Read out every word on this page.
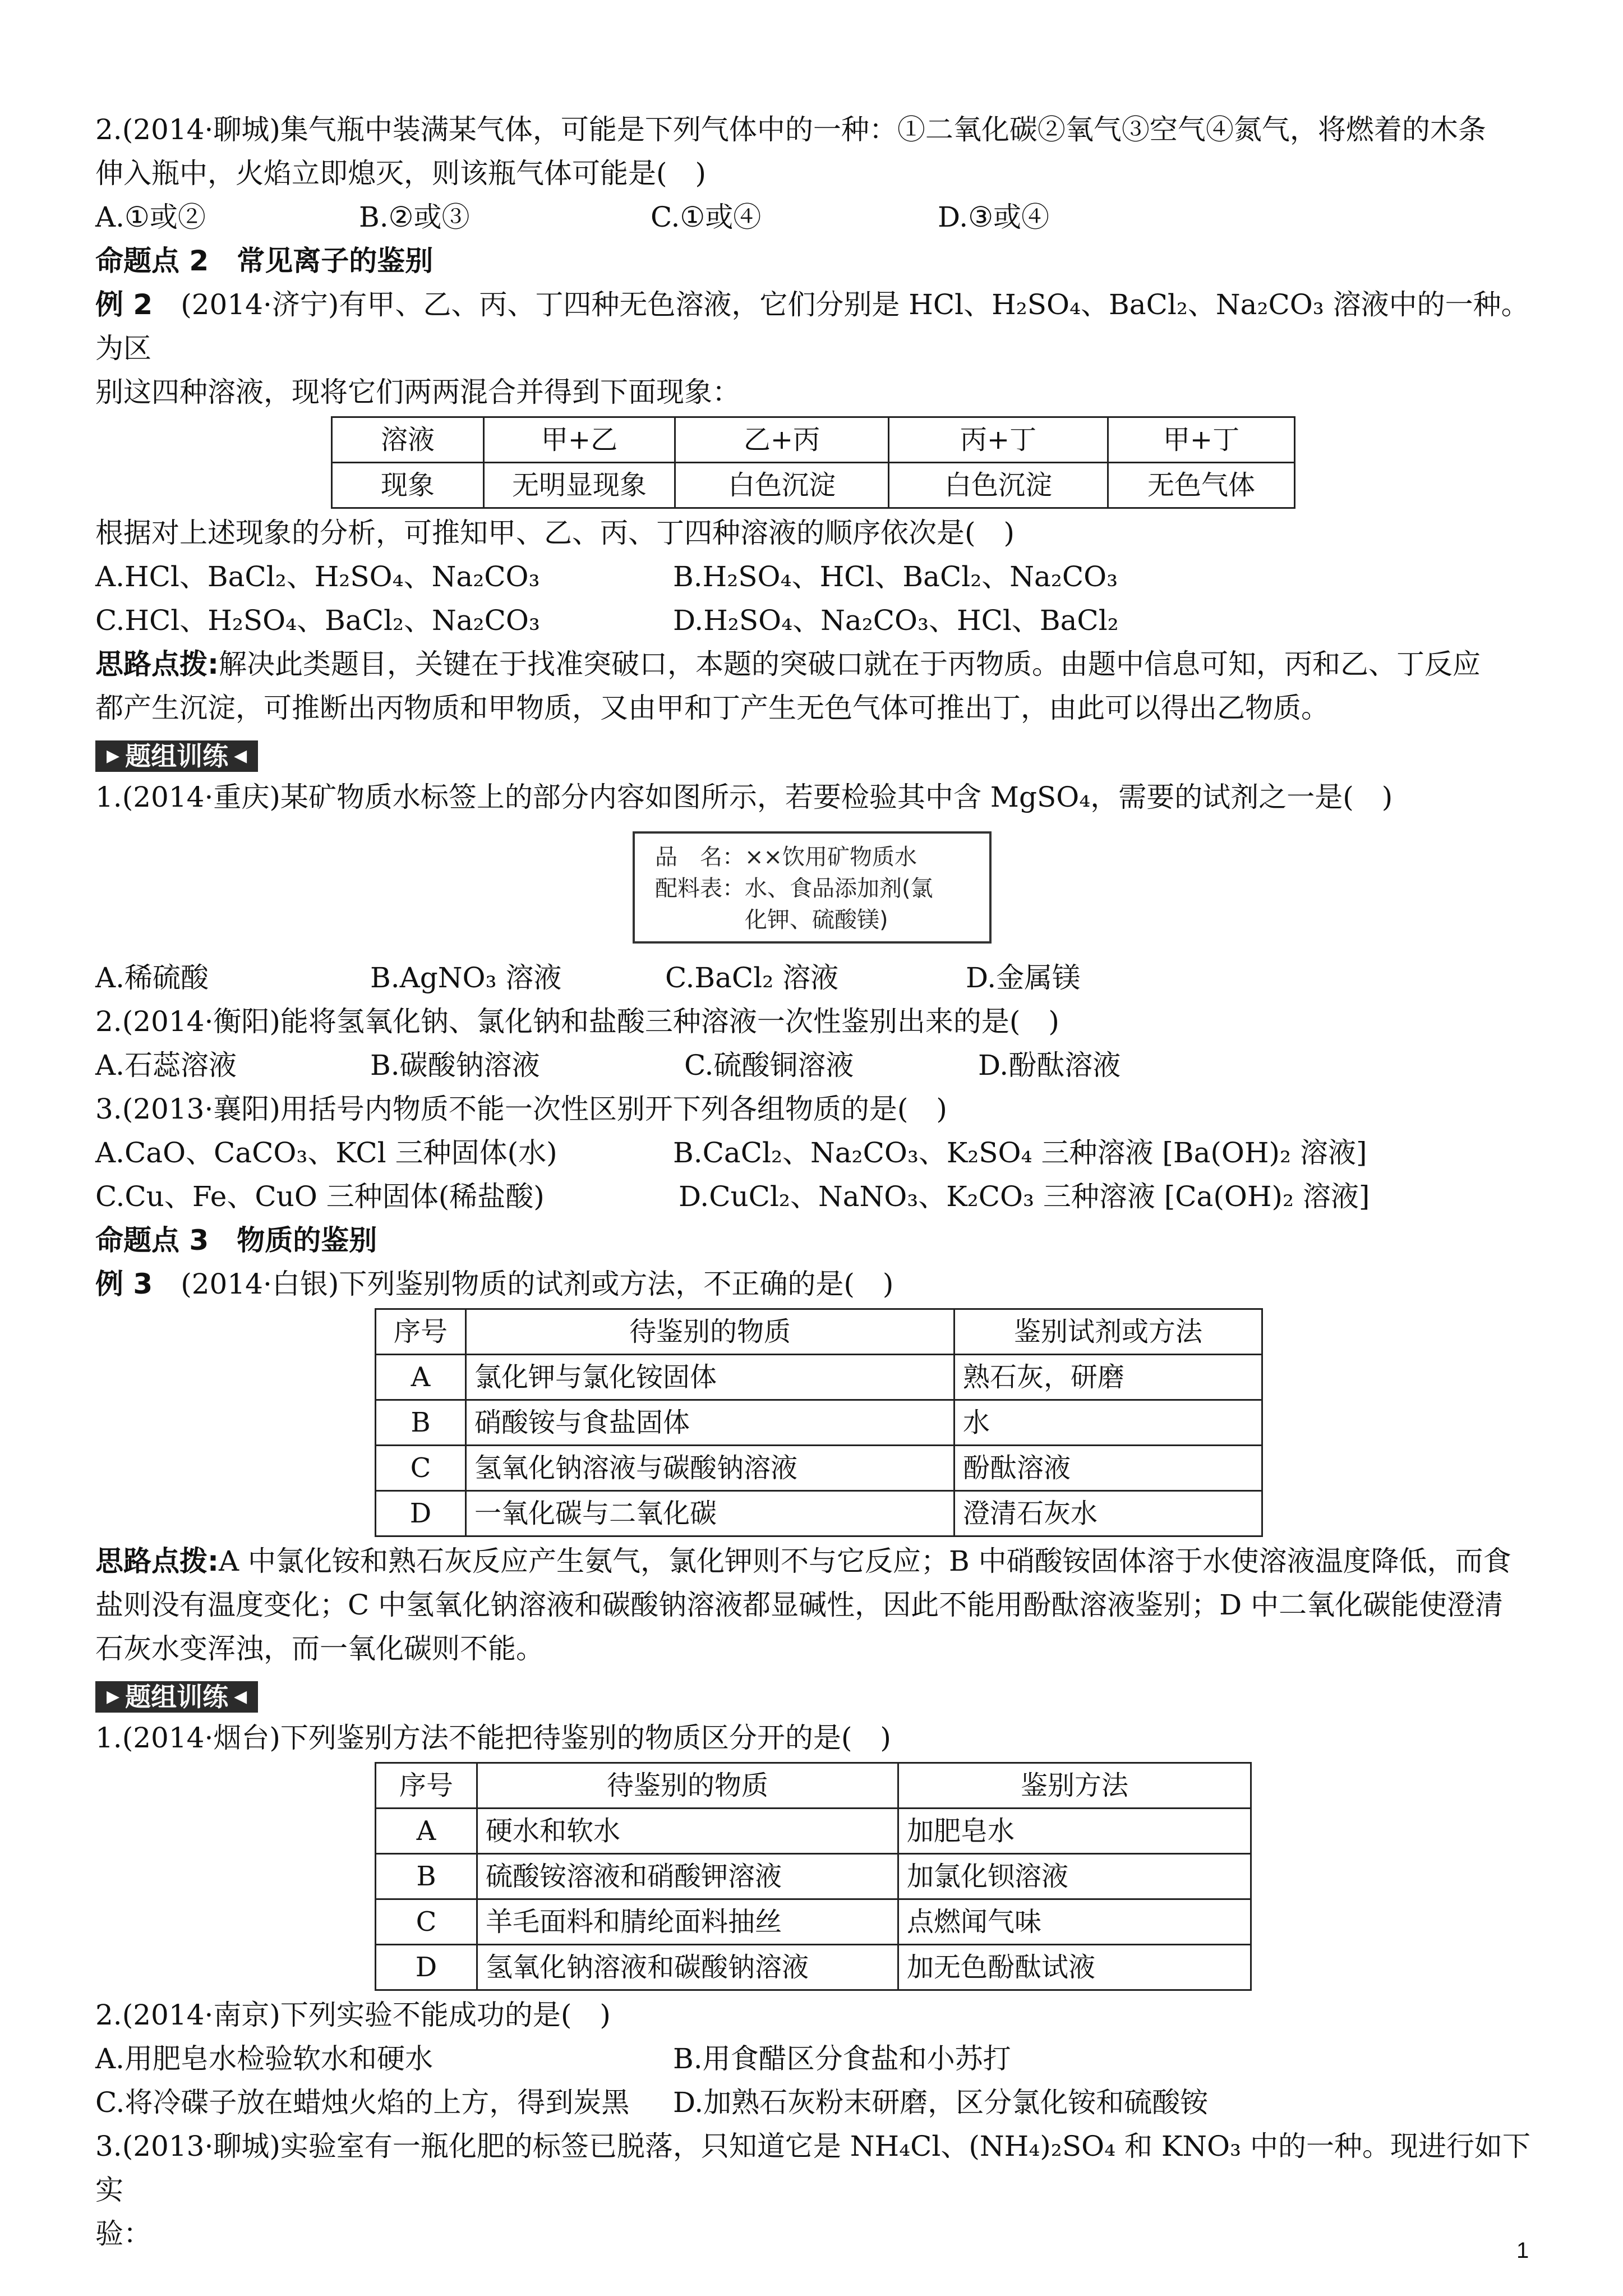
2.(2014·聊城)集气瓶中装满某气体，可能是下列气体中的一种：①二氧化碳②氧气③空气④氮气，将燃着的木条

伸入瓶中，火焰立即熄灭，则该瓶气体可能是(　)

A.①或②	B.②或③	C.①或④	D.③或④

命题点 2　常见离子的鉴别

例 2　 (2014·济宁)有甲、乙、丙、丁四种无色溶液，它们分别是 HCl、H₂SO₄、BaCl₂、Na₂CO₃ 溶液中的一种。为区

别这四种溶液，现将它们两两混合并得到下面现象：

溶液	甲+乙	乙+丙	丙+丁	甲+丁
现象	无明显现象	白色沉淀	白色沉淀	无色气体

根据对上述现象的分析，可推知甲、乙、丙、丁四种溶液的顺序依次是(　)

A.HCl、BaCl₂、H₂SO₄、Na₂CO₃	B.H₂SO₄、HCl、BaCl₂、Na₂CO₃
C.HCl、H₂SO₄、BaCl₂、Na₂CO₃	D.H₂SO₄、Na₂CO₃、HCl、BaCl₂

思路点拨:解决此类题目，关键在于找准突破口，本题的突破口就在于丙物质。由题中信息可知，丙和乙、丁反应

都产生沉淀，可推断出丙物质和甲物质，又由甲和丁产生无色气体可推出丁，由此可以得出乙物质。

▶ 题组训练 ◀

1.(2014·重庆)某矿物质水标签上的部分内容如图所示，若要检验其中含 MgSO₄，需要的试剂之一是(　)

品　名：××饮用矿物质水
配料表：水、食品添加剂(氯
化钾、硫酸镁)
A.稀硫酸	B.AgNO₃ 溶液	C.BaCl₂ 溶液	D.金属镁

2.(2014·衡阳)能将氢氧化钠、氯化钠和盐酸三种溶液一次性鉴别出来的是(　)

A.石蕊溶液	B.碳酸钠溶液	C.硫酸铜溶液	D.酚酞溶液

3.(2013·襄阳)用括号内物质不能一次性区别开下列各组物质的是(　)

A.CaO、CaCO₃、KCl 三种固体(水)	B.CaCl₂、Na₂CO₃、K₂SO₄ 三种溶液 [Ba(OH)₂ 溶液]
C.Cu、Fe、CuO 三种固体(稀盐酸)	D.CuCl₂、NaNO₃、K₂CO₃ 三种溶液 [Ca(OH)₂ 溶液]

命题点 3　物质的鉴别

例 3　 (2014·白银)下列鉴别物质的试剂或方法，不正确的是(　)

序号	待鉴别的物质	鉴别试剂或方法
A	氯化钾与氯化铵固体	熟石灰，研磨
B	硝酸铵与食盐固体	水
C	氢氧化钠溶液与碳酸钠溶液	酚酞溶液
D	一氧化碳与二氧化碳	澄清石灰水

思路点拨:A 中氯化铵和熟石灰反应产生氨气，氯化钾则不与它反应；B 中硝酸铵固体溶于水使溶液温度降低，而食

盐则没有温度变化；C 中氢氧化钠溶液和碳酸钠溶液都显碱性，因此不能用酚酞溶液鉴别；D 中二氧化碳能使澄清

石灰水变浑浊，而一氧化碳则不能。

▶ 题组训练 ◀

1.(2014·烟台)下列鉴别方法不能把待鉴别的物质区分开的是(　)

序号	待鉴别的物质	鉴别方法
A	硬水和软水	加肥皂水
B	硫酸铵溶液和硝酸钾溶液	加氯化钡溶液
C	羊毛面料和腈纶面料抽丝	点燃闻气味
D	氢氧化钠溶液和碳酸钠溶液	加无色酚酞试液

2.(2014·南京)下列实验不能成功的是(　)

A.用肥皂水检验软水和硬水	B.用食醋区分食盐和小苏打
C.将冷碟子放在蜡烛火焰的上方，得到炭黑	D.加熟石灰粉末研磨，区分氯化铵和硫酸铵

3.(2013·聊城)实验室有一瓶化肥的标签已脱落，只知道它是 NH₄Cl、(NH₄)₂SO₄ 和 KNO₃ 中的一种。现进行如下实

验：

1
